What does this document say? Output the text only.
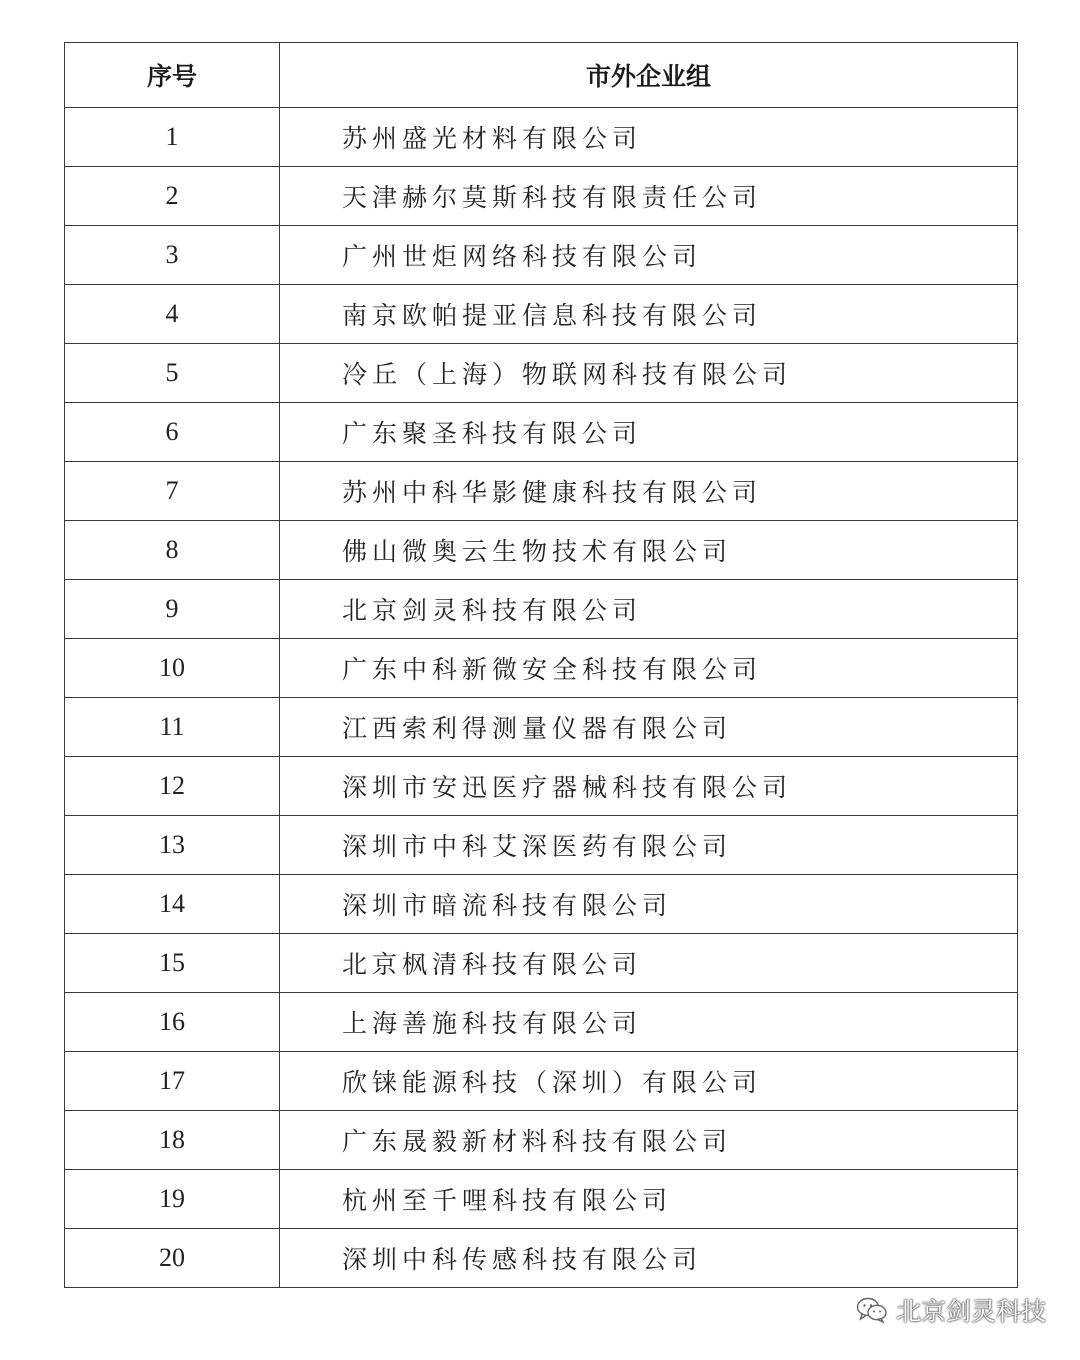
序号	市外企业组
1	苏州盛光材料有限公司
2	天津赫尔莫斯科技有限责任公司
3	广州世炬网络科技有限公司
4	南京欧帕提亚信息科技有限公司
5	冷丘（上海）物联网科技有限公司
6	广东聚圣科技有限公司
7	苏州中科华影健康科技有限公司
8	佛山微奥云生物技术有限公司
9	北京剑灵科技有限公司
10	广东中科新微安全科技有限公司
11	江西索利得测量仪器有限公司
12	深圳市安迅医疗器械科技有限公司
13	深圳市中科艾深医药有限公司
14	深圳市暗流科技有限公司
15	北京枫清科技有限公司
16	上海善施科技有限公司
17	欣铼能源科技（深圳）有限公司
18	广东晟毅新材料科技有限公司
19	杭州至千哩科技有限公司
20	深圳中科传感科技有限公司
北京剑灵科技
